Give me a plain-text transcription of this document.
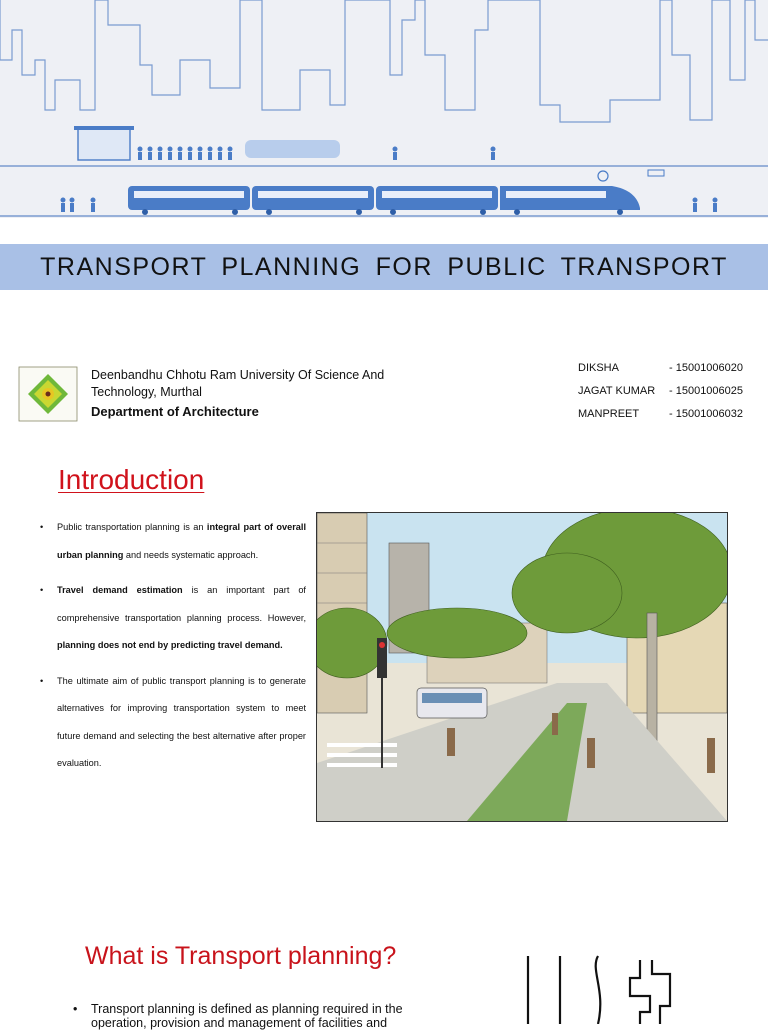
TRANSPORT PLANNING FOR PUBLIC TRANSPORT
Deenbandhu Chhotu Ram University Of Science And Technology, Murthal
Department of Architecture
DIKSHA	- 15001006020
JAGAT KUMAR - 15001006025
MANPREET	- 15001006032
Introduction
• Public transportation planning is an integral part of overall urban planning and needs systematic approach.
• Travel demand estimation is an important part of comprehensive transportation planning process. However, planning does not end by predicting travel demand.
• The ultimate aim of public transport planning is to generate alternatives for improving transportation system to meet future demand and selecting the best alternative after proper evaluation.
What is Transport planning?
• Transport planning is defined as planning required in the operation, provision and management of facilities and
